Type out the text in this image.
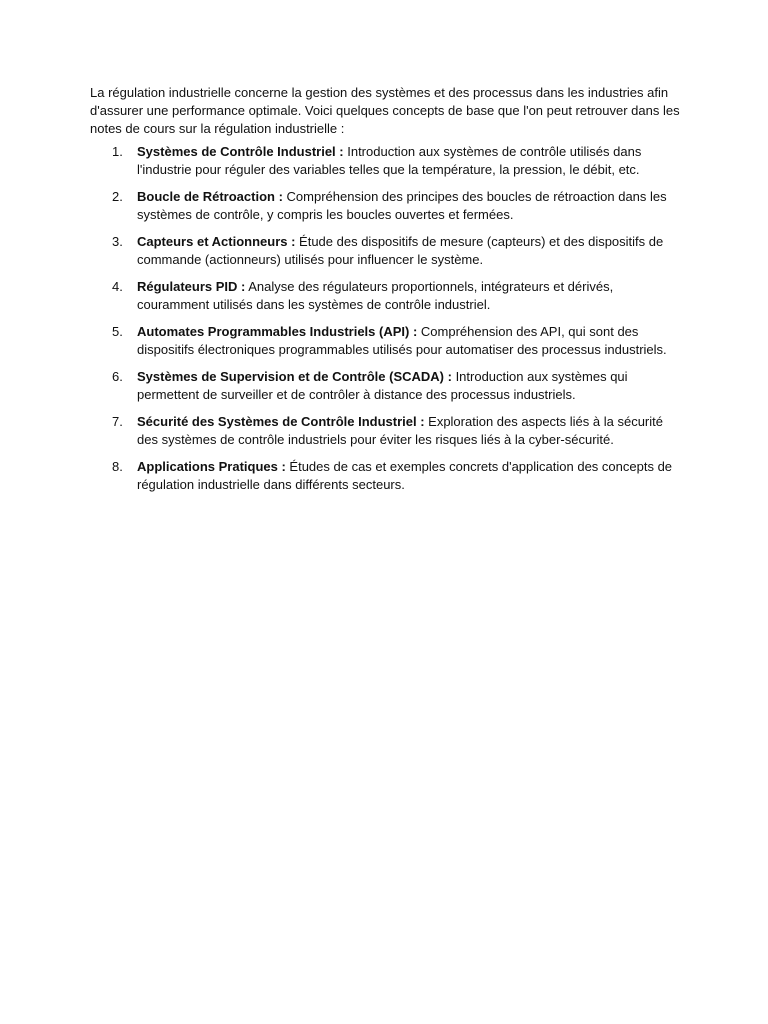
La régulation industrielle concerne la gestion des systèmes et des processus dans les industries afin d'assurer une performance optimale. Voici quelques concepts de base que l'on peut retrouver dans les notes de cours sur la régulation industrielle :

1. Systèmes de Contrôle Industriel : Introduction aux systèmes de contrôle utilisés dans l'industrie pour réguler des variables telles que la température, la pression, le débit, etc.
2. Boucle de Rétroaction : Compréhension des principes des boucles de rétroaction dans les systèmes de contrôle, y compris les boucles ouvertes et fermées.
3. Capteurs et Actionneurs : Étude des dispositifs de mesure (capteurs) et des dispositifs de commande (actionneurs) utilisés pour influencer le système.
4. Régulateurs PID : Analyse des régulateurs proportionnels, intégrateurs et dérivés, couramment utilisés dans les systèmes de contrôle industriel.
5. Automates Programmables Industriels (API) : Compréhension des API, qui sont des dispositifs électroniques programmables utilisés pour automatiser des processus industriels.
6. Systèmes de Supervision et de Contrôle (SCADA) : Introduction aux systèmes qui permettent de surveiller et de contrôler à distance des processus industriels.
7. Sécurité des Systèmes de Contrôle Industriel : Exploration des aspects liés à la sécurité des systèmes de contrôle industriels pour éviter les risques liés à la cyber-sécurité.
8. Applications Pratiques : Études de cas et exemples concrets d'application des concepts de régulation industrielle dans différents secteurs.
